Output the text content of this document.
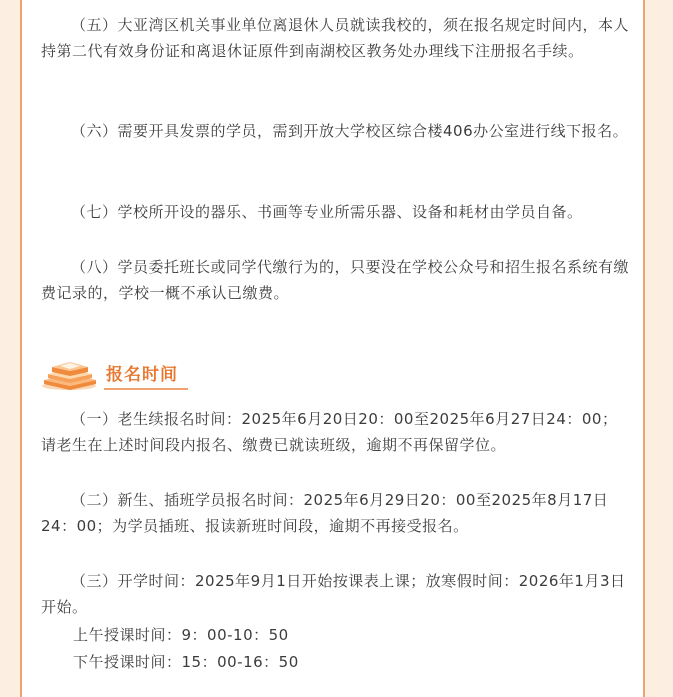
（五）大亚湾区机关事业单位离退休人员就读我校的，须在报名规定时间内，本人持第二代有效身份证和离退休证原件到南湖校区教务处办理线下注册报名手续。

（六）需要开具发票的学员，需到开放大学校区综合楼406办公室进行线下报名。

（七）学校所开设的器乐、书画等专业所需乐器、设备和耗材由学员自备。

（八）学员委托班长或同学代缴行为的，只要没在学校公众号和招生报名系统有缴费记录的，学校一概不承认已缴费。

报名时间

（一）老生续报名时间：2025年6月20日20：00至2025年6月27日24：00；请老生在上述时间段内报名、缴费已就读班级，逾期不再保留学位。

（二）新生、插班学员报名时间：2025年6月29日20：00至2025年8月17日24：00；为学员插班、报读新班时间段，逾期不再接受报名。

（三）开学时间：2025年9月1日开始按课表上课；放寒假时间：2026年1月3日开始。

上午授课时间：9：00-10：50
下午授课时间：15：00-16：50
